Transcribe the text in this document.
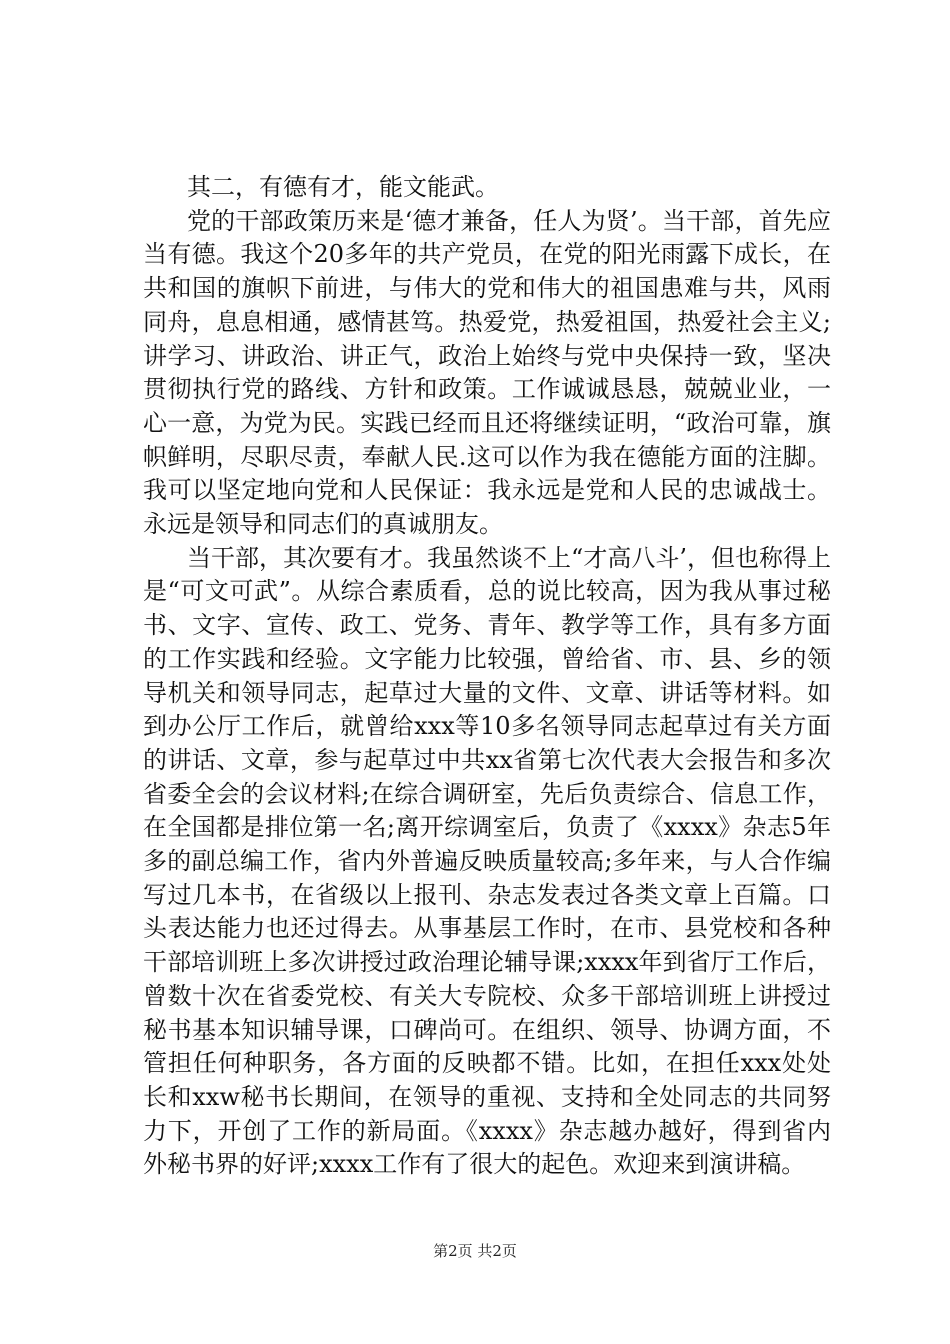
其二，有德有才，能文能武。

党的干部政策历来是‘德才兼备，任人为贤’。当干部，首先应当有德。我这个20多年的共产党员，在党的阳光雨露下成长，在共和国的旗帜下前进，与伟大的党和伟大的祖国患难与共，风雨同舟，息息相通，感情甚笃。热爱党，热爱祖国，热爱社会主义;讲学习、讲政治、讲正气，政治上始终与党中央保持一致，坚决贯彻执行党的路线、方针和政策。工作诚诚恳恳，兢兢业业，一心一意，为党为民。实践已经而且还将继续证明，“政治可靠，旗帜鲜明，尽职尽责，奉献人民.这可以作为我在德能方面的注脚。我可以坚定地向党和人民保证：我永远是党和人民的忠诚战士。永远是领导和同志们的真诚朋友。

当干部，其次要有才。我虽然谈不上“才高八斗’，但也称得上是“可文可武”。从综合素质看，总的说比较高，因为我从事过秘书、文字、宣传、政工、党务、青年、教学等工作，具有多方面的工作实践和经验。文字能力比较强，曾给省、市、县、乡的领导机关和领导同志，起草过大量的文件、文章、讲话等材料。如到办公厅工作后，就曾给xxx等10多名领导同志起草过有关方面的讲话、文章，参与起草过中共xx省第七次代表大会报告和多次省委全会的会议材料;在综合调研室，先后负责综合、信息工作，在全国都是排位第一名;离开综调室后，负责了《xxxx》杂志5年多的副总编工作，省内外普遍反映质量较高;多年来，与人合作编写过几本书，在省级以上报刊、杂志发表过各类文章上百篇。口头表达能力也还过得去。从事基层工作时，在市、县党校和各种干部培训班上多次讲授过政治理论辅导课;xxxx年到省厅工作后，曾数十次在省委党校、有关大专院校、众多干部培训班上讲授过秘书基本知识辅导课，口碑尚可。在组织、领导、协调方面，不管担任何种职务，各方面的反映都不错。比如，在担任xxx处处长和xxw秘书长期间，在领导的重视、支持和全处同志的共同努力下，开创了工作的新局面。《xxxx》杂志越办越好，得到省内外秘书界的好评;xxxx工作有了很大的起色。欢迎来到演讲稿。

第2页 共2页
